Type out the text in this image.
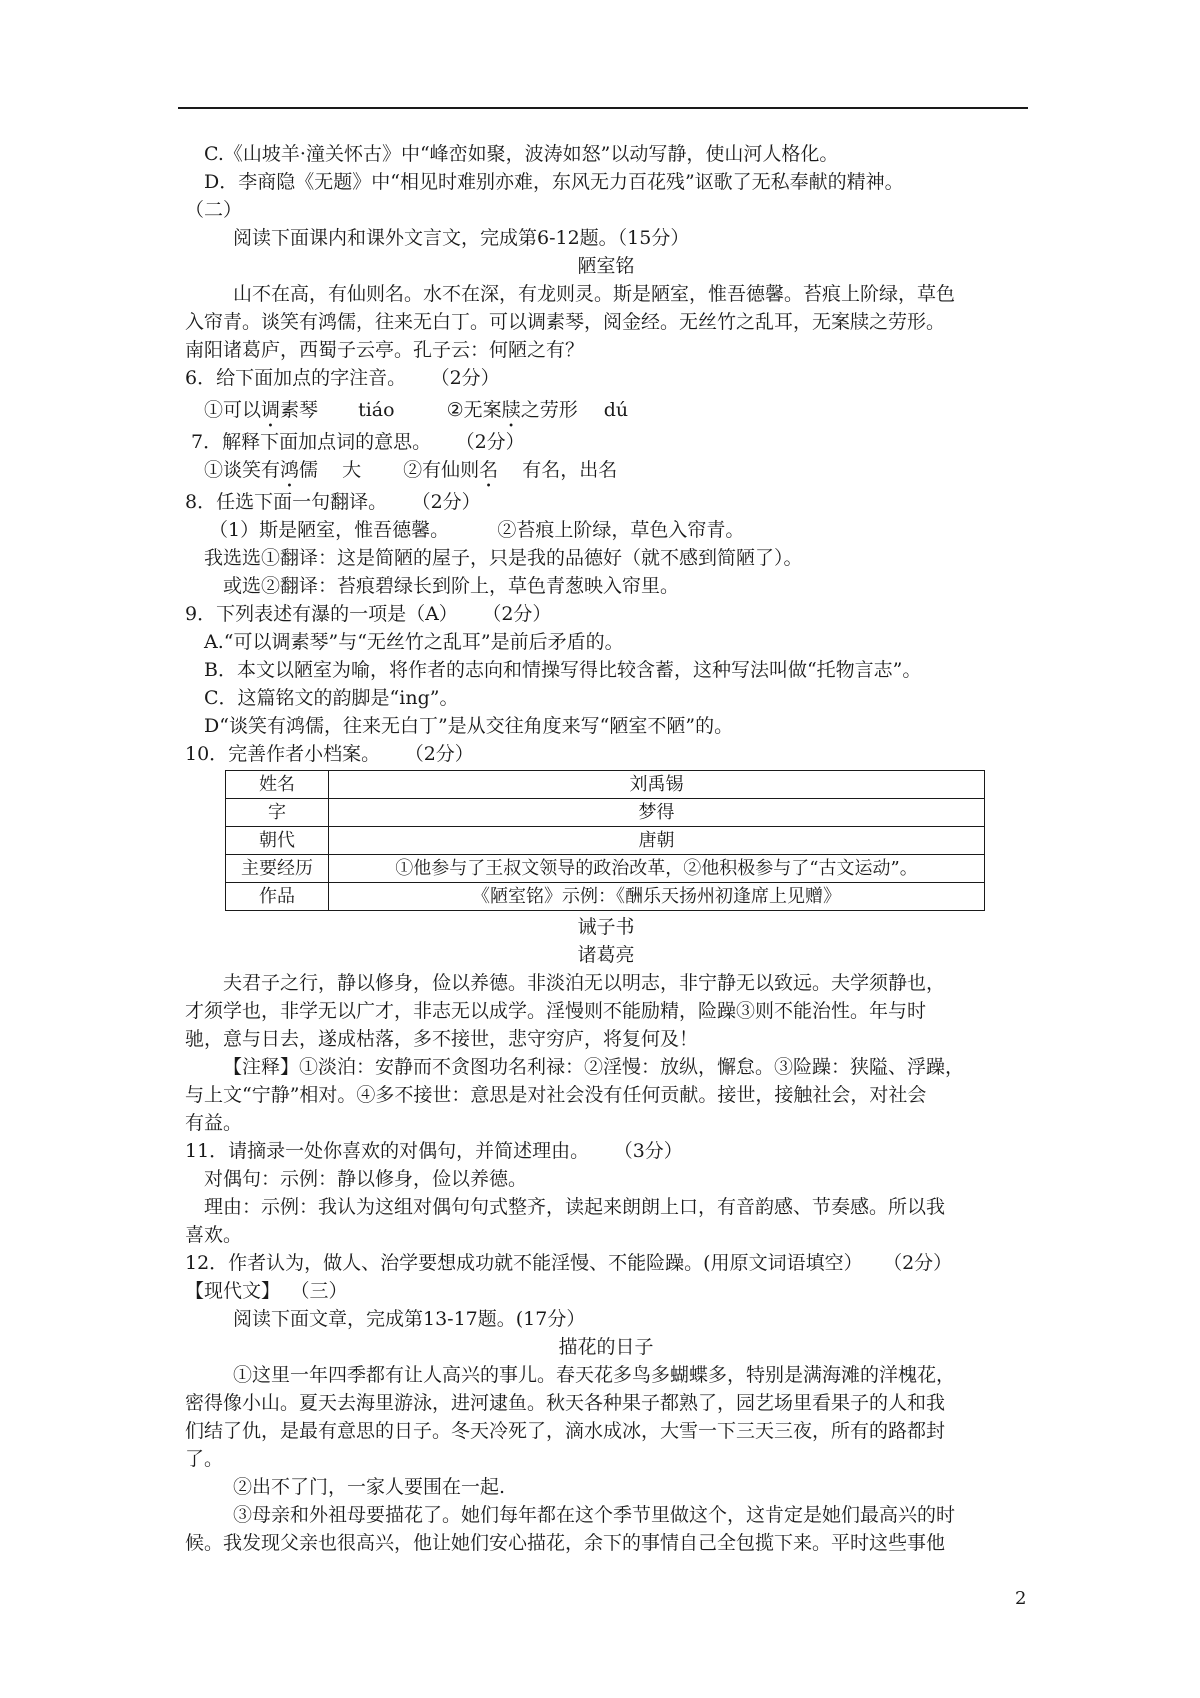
C.《山坡羊·潼关怀古》中“峰峦如聚，波涛如怒”以动写静，使山河人格化。
D．李商隐《无题》中“相见时难别亦难，东风无力百花残”讴歌了无私奉献的精神。
（二）
阅读下面课内和课外文言文，完成第6-12题。（15分）
陋室铭
山不在高，有仙则名。水不在深，有龙则灵。斯是陋室，惟吾德馨。苔痕上阶绿，草色
入帘青。谈笑有鸿儒，往来无白丁。可以调素琴，阅金经。无丝竹之乱耳，无案牍之劳形。
南阳诸葛庐，西蜀子云亭。孔子云：何陋之有？
6．给下面加点的字注音。 （2分）
①可以调素琴 tiáo	②无案牍之劳形 dú
7．解释下面加点词的意思。 （2分）
①谈笑有鸿儒 大 ②有仙则名 有名，出名
8．任选下面一句翻译。 （2分）
（1）斯是陋室，惟吾德馨。        ②苔痕上阶绿，草色入帘青。
我选选①翻译：这是简陋的屋子，只是我的品德好（就不感到简陋了）。
或选②翻译：苔痕碧绿长到阶上，草色青葱映入帘里。
9．下列表述有瀑的一项是（A） （2分）
A.“可以调素琴”与“无丝竹之乱耳”是前后矛盾的。
B．本文以陋室为喻，将作者的志向和情操写得比较含蓄，这种写法叫做“托物言志”。
C．这篇铭文的韵脚是“ing”。
D“谈笑有鸿儒，往来无白丁”是从交往角度来写“陋室不陋”的。
10．完善作者小档案。 （2分）
姓名	刘禹锡
字	梦得
朝代	唐朝
主要经历	①他参与了王叔文领导的政治改革，②他积极参与了“古文运动”。
作品	《陋室铭》示例：《酬乐天扬州初逢席上见赠》
诫子书
诸葛亮
夫君子之行，静以修身，俭以养德。非淡泊无以明志，非宁静无以致远。夫学须静也，
才须学也，非学无以广才，非志无以成学。淫慢则不能励精，险躁③则不能治性。年与时
驰，意与日去，遂成枯落，多不接世，悲守穷庐，将复何及！
【注释】①淡泊：安静而不贪图功名利禄：②淫慢：放纵，懈怠。③险躁：狭隘、浮躁，
与上文“宁静”相对。④多不接世：意思是对社会没有任何贡献。接世，接触社会，对社会
有益。
11．请摘录一处你喜欢的对偶句，并简述理由。 （3分）
对偶句：示例：静以修身，俭以养德。
理由：示例：我认为这组对偶句句式整齐，读起来朗朗上口，有音韵感、节奏感。所以我
喜欢。
12．作者认为，做人、治学要想成功就不能淫慢、不能险躁。(用原文词语填空） （2分）
【现代文】 （三）
阅读下面文章，完成第13-17题。(17分）
描花的日子
①这里一年四季都有让人高兴的事儿。春天花多鸟多蝴蝶多，特别是满海滩的洋槐花，
密得像小山。夏天去海里游泳，进河逮鱼。秋天各种果子都熟了，园艺场里看果子的人和我
们结了仇，是最有意思的日子。冬天冷死了，滴水成冰，大雪一下三天三夜，所有的路都封
了。
②出不了门，一家人要围在一起.
③母亲和外祖母要描花了。她们每年都在这个季节里做这个，这肯定是她们最高兴的时
候。我发现父亲也很高兴，他让她们安心描花，余下的事情自己全包揽下来。平时这些事他
2
